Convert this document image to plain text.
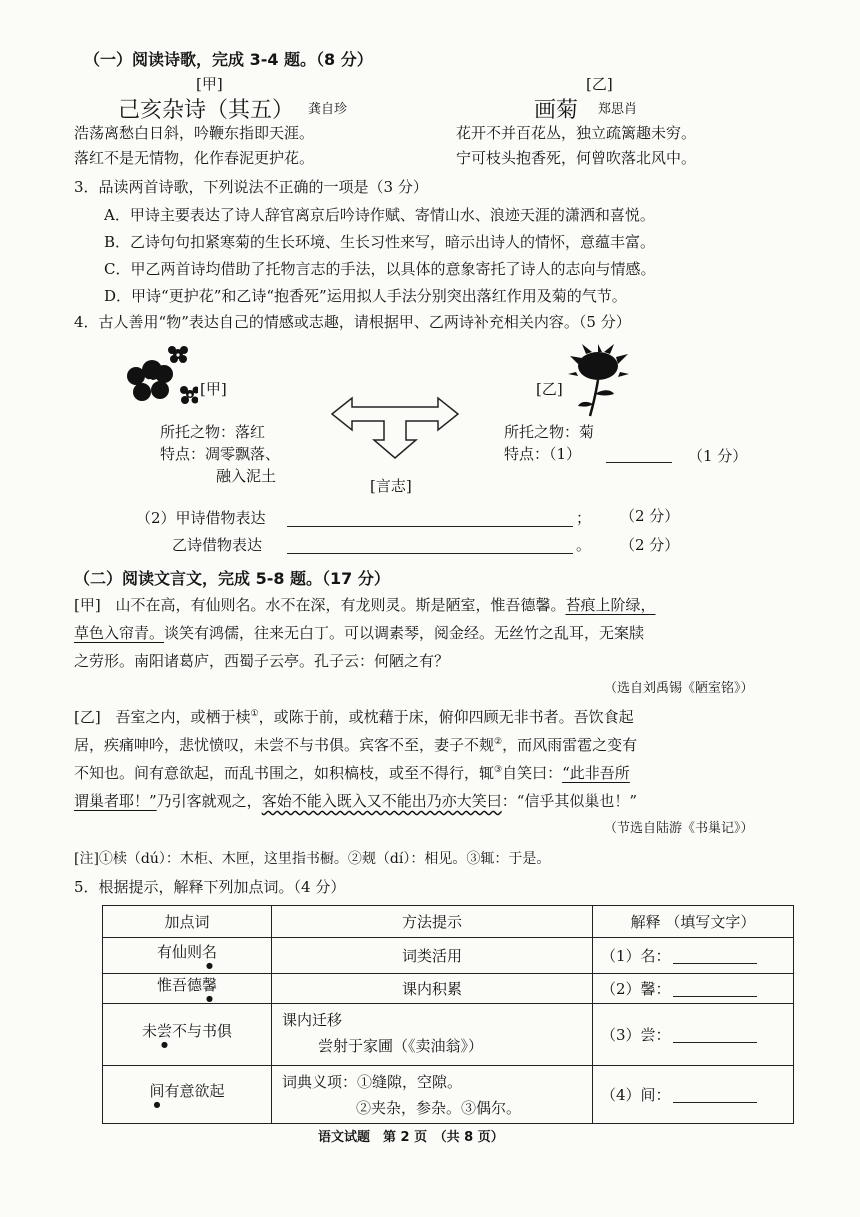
（一）阅读诗歌，完成 3-4 题。（8 分）
[甲]
己亥杂诗（其五） 龚自珍
浩荡离愁白日斜，吟鞭东指即天涯。
落红不是无情物，化作春泥更护花。
[乙]
画菊 郑思肖
花开不并百花丛，独立疏篱趣未穷。
宁可枝头抱香死，何曾吹落北风中。
3．品读两首诗歌，下列说法不正确的一项是（3 分）
A．甲诗主要表达了诗人辞官离京后吟诗作赋、寄情山水、浪迹天涯的潇洒和喜悦。
B．乙诗句句扣紧寒菊的生长环境、生长习性来写，暗示出诗人的情怀，意蕴丰富。
C．甲乙两首诗均借助了托物言志的手法，以具体的意象寄托了诗人的志向与情感。
D．甲诗“更护花”和乙诗“抱香死”运用拟人手法分别突出落红作用及菊的气节。
4．古人善用“物”表达自己的情感或志趣，请根据甲、乙两诗补充相关内容。（5 分）
[甲]	[乙]
所托之物：落红
特点：凋零飘落、
融入泥土
所托之物：菊
特点：（1）	（1 分）
[言志]
（2）甲诗借物表达	； （2 分）
乙诗借物表达	。 （2 分）
（二）阅读文言文，完成 5-8 题。（17 分）
[甲] 山不在高，有仙则名。水不在深，有龙则灵。斯是陋室，惟吾德馨。苔痕上阶绿，
草色入帘青。谈笑有鸿儒，往来无白丁。可以调素琴，阅金经。无丝竹之乱耳，无案牍
之劳形。南阳诸葛庐，西蜀子云亭。孔子云：何陋之有？
（选自刘禹锡《陋室铭》）
[乙] 吾室之内，或栖于椟①，或陈于前，或枕藉于床，俯仰四顾无非书者。吾饮食起
居，疾痛呻吟，悲忧愤叹，未尝不与书俱。宾客不至，妻子不觌②，而风雨雷雹之变有
不知也。间有意欲起，而乱书围之，如积槁枝，或至不得行，辄③自笑曰：“此非吾所
谓巢者耶！”乃引客就观之，客始不能入既入又不能出乃亦大笑曰：“信乎其似巢也！”
（节选自陆游《书巢记》）
[注]①椟（dú）：木柜、木匣，这里指书橱。②觌（dí）：相见。③辄：于是。
5．根据提示，解释下列加点词。（4 分）
加点词	方法提示	解释 （填写文字）
有仙则名	词类活用	（1）名：

惟吾德馨	课内积累	（2）馨：

未尝不与书俱	课内迁移
尝射于家圃（《卖油翁》）	（3）尝：

间有意欲起	词典义项：①缝隙，空隙。
②夹杂，参杂。③偶尔。	（4）间：
语文试题　第 2 页　（共 8 页）
